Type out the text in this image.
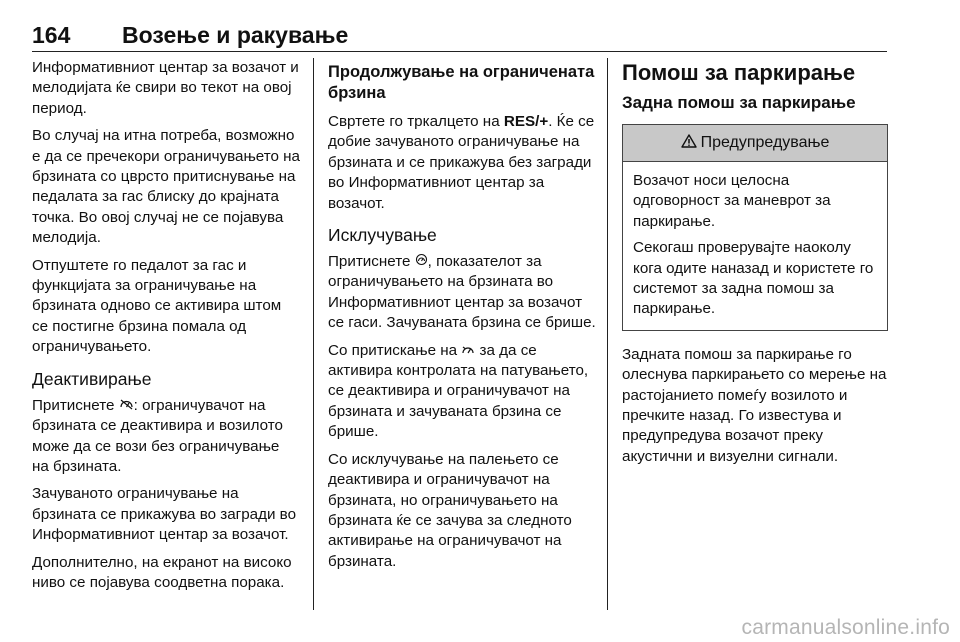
164 Возење и ракување

Информативниот центар за возачот и мелодијата ќе свири во текот на овој период.

Во случај на итна потреба, возможно е да се пречекори ограничувањето на брзината со цврсто притиснување на педалата за гас блиску до крајната точка. Во овој случај не се појавува мелодија.

Отпуштете го педалот за гас и функцијата за ограничување на брзината одново се активира штом се постигне брзина помала од ограничувањето.

Деактивирање

Притиснете : ограничувачот на брзината се деактивира и возилото може да се вози без ограничување на брзината.

Зачуваното ограничување на брзината се прикажува во загради во Информативниот центар за возачот.

Дополнително, на екранот на високо ниво се појавува соодветна порака.

Продолжување на ограничената брзина

Свртете го тркалцето на RES/+. Ќе се добие зачуваното ограничување на брзината и се прикажува без загради во Информативниот центар за возачот.

Исклучување

Притиснете , показателот за ограничувањето на брзината во Информативниот центар за возачот се гаси. Зачуваната брзина се брише.

Со притискање на  за да се активира контролата на патувањето, се деактивира и ограничувачот на брзината и зачуваната брзина се брише.

Со исклучување на палењето се деактивира и ограничувачот на брзината, но ограничувањето на брзината ќе се зачува за следното активирање на ограничувачот на брзината.

Помош за паркирање
Задна помош за паркирање
Предупредување

Возачот носи целосна одговорност за маневрот за паркирање.

Секогаш проверувајте наоколу кога одите наназад и користете го системот за задна помош за паркирање.

Задната помош за паркирање го олеснува паркирањето со мерење на растојанието помеѓу возилото и пречките назад. Го известува и предупредува возачот преку акустични и визуелни сигнали.

carmanualsonline.info
